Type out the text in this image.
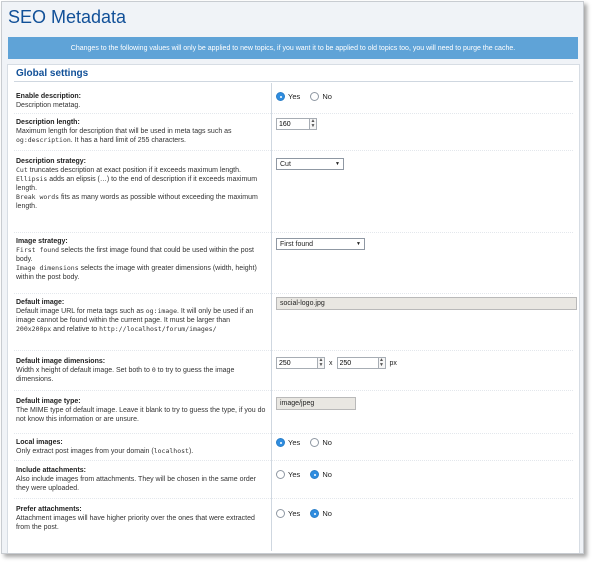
SEO Metadata
Changes to the following values will only be applied to new topics, if you want it to be applied to old topics too, you will need to purge the cache.
Global settings
Enable description:
Description metatag.
Yes
	No
Description length:
Maximum length for description that will be used in meta tags such as og:description. It has a hard limit of 255 characters.
160
▲
▼
Description strategy:
Cut truncates description at exact position if it exceeds maximum length.
Ellipsis adds an elipsis (…) to the end of description if it exceeds maximum length.
Break words fits as many words as possible without exceeding the maximum length.
Cut	▼
Image strategy:
First found selects the first image found that could be used within the post body.
Image dimensions selects the image with greater dimensions (width, height) within the post body.
First found	▼
Default image:
Default image URL for meta tags such as og:image. It will only be used if an image cannot be found within the current page. It must be larger than 200x200px and relative to http://localhost/forum/images/
social-logo.jpg
Default image dimensions:
Width x height of default image. Set both to 0 to try to guess the image dimensions.
250
▲
▼ x
250	▲
▼ px
Default image type:
The MIME type of default image. Leave it blank to try to guess the type, if you do not know this information or are unsure.
image/jpeg
Local images:
Only extract post images from your domain (localhost).
Yes
	No
Include attachments:
Also include images from attachments. They will be chosen in the same order they were uploaded.
Yes
	No
Prefer attachments:
Attachment images will have higher priority over the ones that were extracted from the post.
Yes
	No
